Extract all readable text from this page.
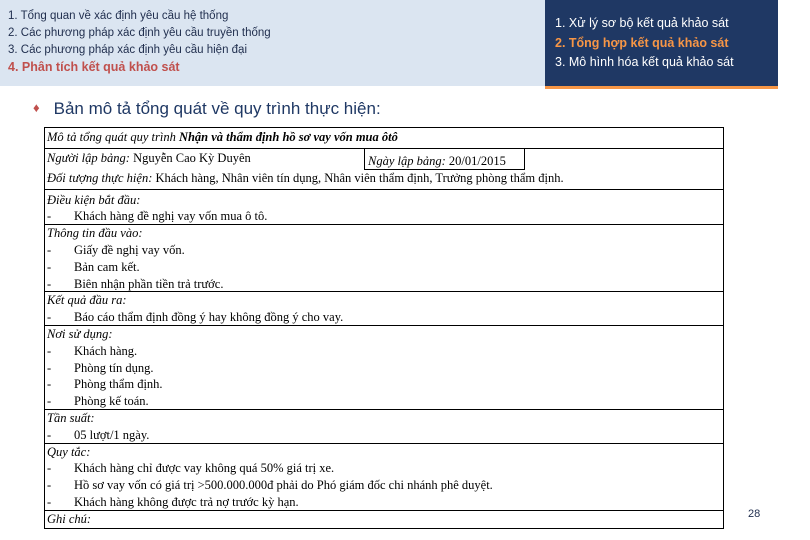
1. Tổng quan về xác định yêu cầu hệ thống
2. Các phương pháp xác định yêu cầu truyền thống
3. Các phương pháp xác định yêu cầu hiện đại
4. Phân tích kết quả khảo sát
1. Xử lý sơ bộ kết quả khảo sát
2. Tổng hợp kết quả khảo sát
3. Mô hình hóa kết quả khảo sát
♦ Bản mô tả tổng quát về quy trình thực hiện:
Mô tả tổng quát quy trình Nhận và thẩm định hồ sơ vay vốn mua ôtô
Người lập bảng: Nguyễn Cao Kỳ Duyên	Ngày lập bảng: 20/01/2015
Đối tượng thực hiện: Khách hàng, Nhân viên tín dụng, Nhân viên thẩm định, Trưởng phòng thẩm định.
Điều kiện bắt đầu:
- Khách hàng đề nghị vay vốn mua ô tô.
Thông tin đầu vào:
- Giấy đề nghị vay vốn.
- Bản cam kết.
- Biên nhận phần tiền trả trước.
Kết quả đầu ra:
- Báo cáo thẩm định đồng ý hay không đồng ý cho vay.
Nơi sử dụng:
- Khách hàng.
- Phòng tín dụng.
- Phòng thẩm định.
- Phòng kế toán.
Tần suất:
- 05 lượt/1 ngày.
Quy tắc:
- Khách hàng chỉ được vay không quá 50% giá trị xe.
- Hồ sơ vay vốn có giá trị >500.000.000đ phải do Phó giám đốc chi nhánh phê duyệt.
- Khách hàng không được trả nợ trước kỳ hạn.
Ghi chú:	28
